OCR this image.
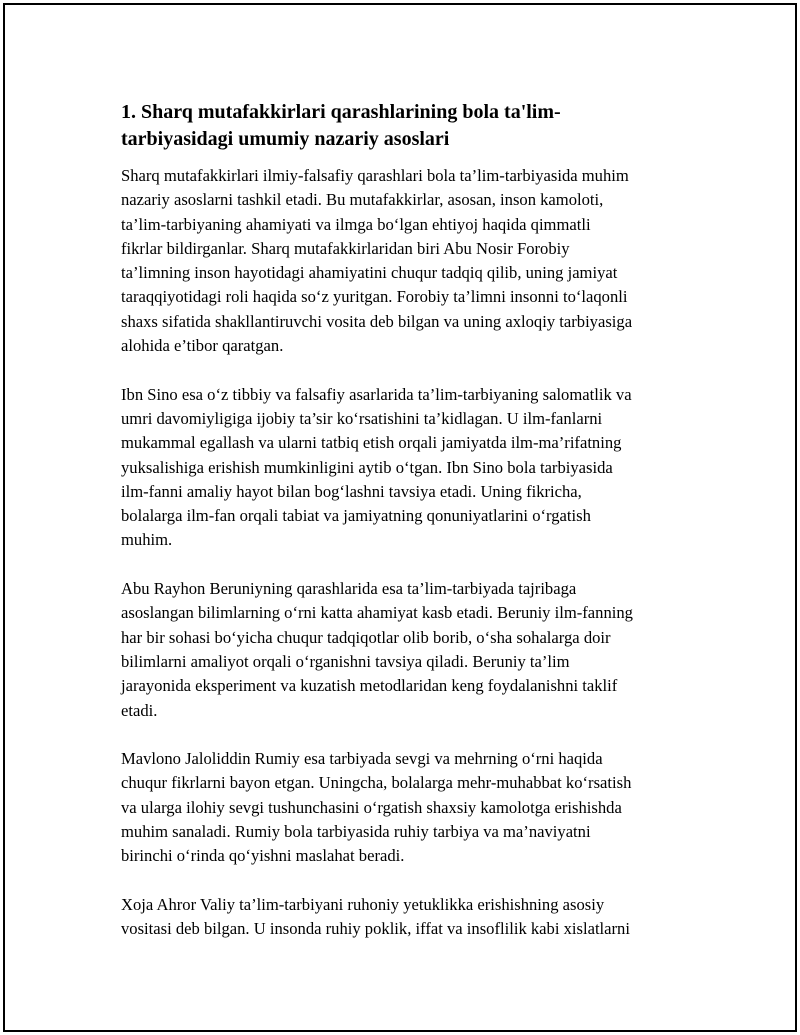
1. Sharq mutafakkirlari qarashlarining bola ta'lim-
tarbiyasidagi umumiy nazariy asoslari

Sharq mutafakkirlari ilmiy-falsafiy qarashlari bola ta’lim-tarbiyasida muhim
nazariy asoslarni tashkil etadi. Bu mutafakkirlar, asosan, inson kamoloti,
ta’lim-tarbiyaning ahamiyati va ilmga bo‘lgan ehtiyoj haqida qimmatli
fikrlar bildirganlar. Sharq mutafakkirlaridan biri Abu Nosir Forobiy
ta’limning inson hayotidagi ahamiyatini chuqur tadqiq qilib, uning jamiyat
taraqqiyotidagi roli haqida so‘z yuritgan. Forobiy ta’limni insonni to‘laqonli
shaxs sifatida shakllantiruvchi vosita deb bilgan va uning axloqiy tarbiyasiga
alohida e’tibor qaratgan.

Ibn Sino esa o‘z tibbiy va falsafiy asarlarida ta’lim-tarbiyaning salomatlik va
umri davomiyligiga ijobiy ta’sir ko‘rsatishini ta’kidlagan. U ilm-fanlarni
mukammal egallash va ularni tatbiq etish orqali jamiyatda ilm-ma’rifatning
yuksalishiga erishish mumkinligini aytib o‘tgan. Ibn Sino bola tarbiyasida
ilm-fanni amaliy hayot bilan bog‘lashni tavsiya etadi. Uning fikricha,
bolalarga ilm-fan orqali tabiat va jamiyatning qonuniyatlarini o‘rgatish
muhim.

Abu Rayhon Beruniyning qarashlarida esa ta’lim-tarbiyada tajribaga
asoslangan bilimlarning o‘rni katta ahamiyat kasb etadi. Beruniy ilm-fanning
har bir sohasi bo‘yicha chuqur tadqiqotlar olib borib, o‘sha sohalarga doir
bilimlarni amaliyot orqali o‘rganishni tavsiya qiladi. Beruniy ta’lim
jarayonida eksperiment va kuzatish metodlaridan keng foydalanishni taklif
etadi.

Mavlono Jaloliddin Rumiy esa tarbiyada sevgi va mehrning o‘rni haqida
chuqur fikrlarni bayon etgan. Uningcha, bolalarga mehr-muhabbat ko‘rsatish
va ularga ilohiy sevgi tushunchasini o‘rgatish shaxsiy kamolotga erishishda
muhim sanaladi. Rumiy bola tarbiyasida ruhiy tarbiya va ma’naviyatni
birinchi o‘rinda qo‘yishni maslahat beradi.

Xoja Ahror Valiy ta’lim-tarbiyani ruhoniy yetuklikka erishishning asosiy
vositasi deb bilgan. U insonda ruhiy poklik, iffat va insoflilik kabi xislatlarni
